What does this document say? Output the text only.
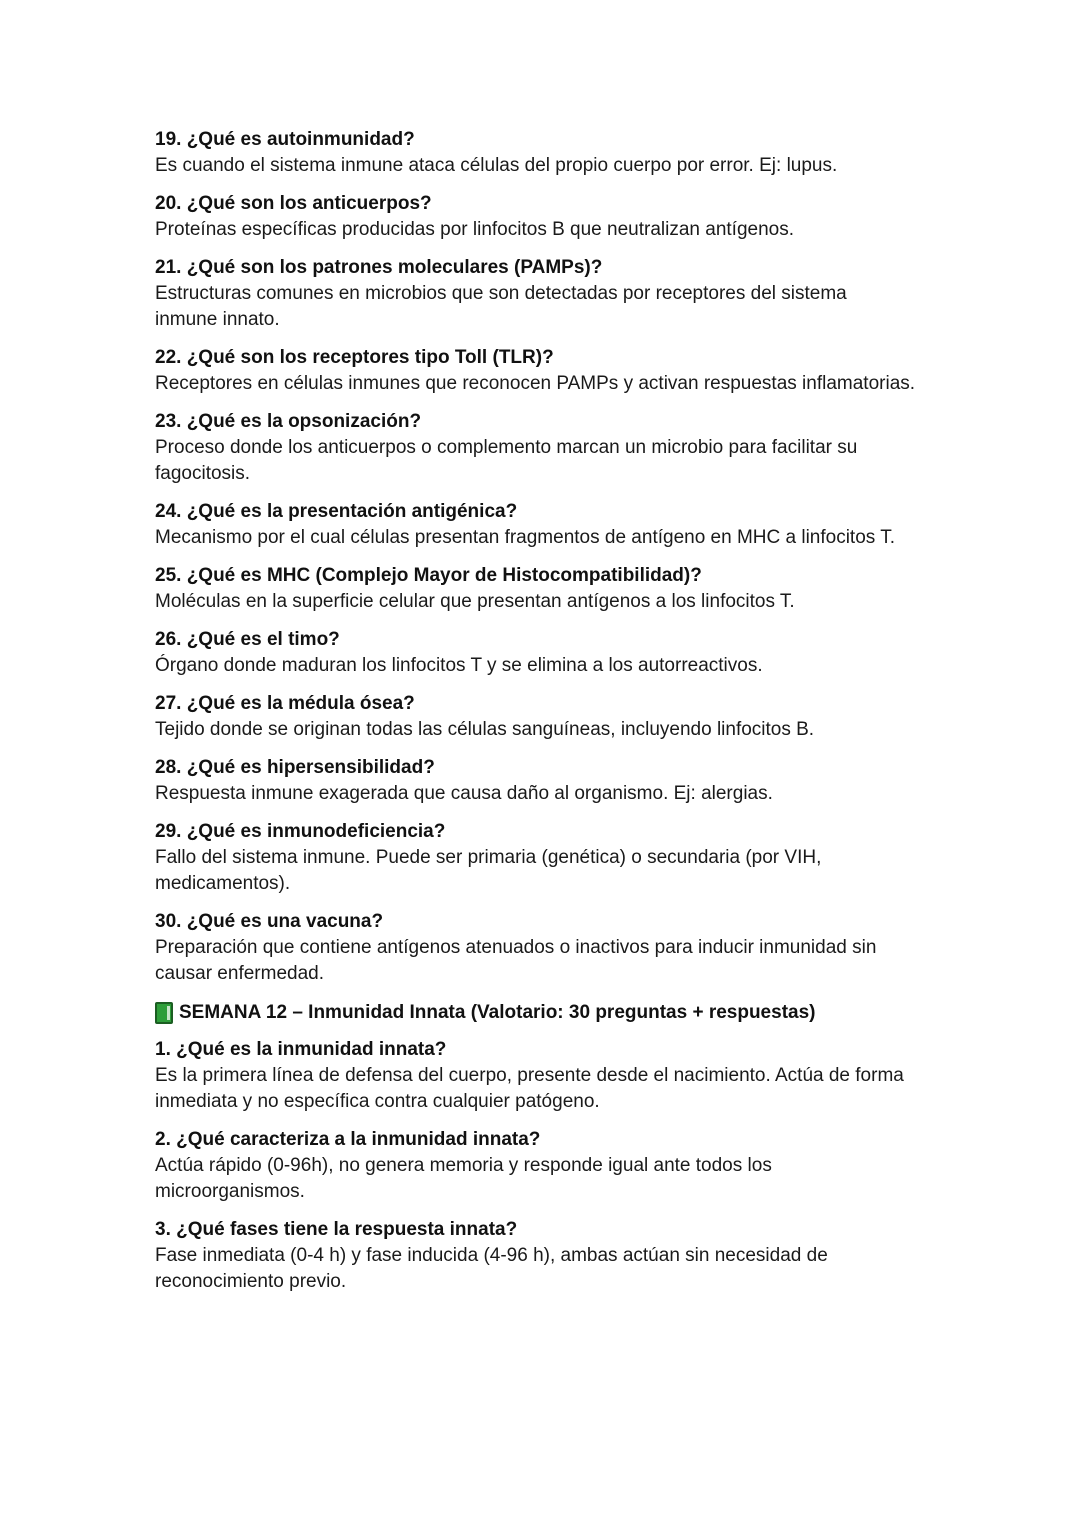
19. ¿Qué es autoinmunidad?
Es cuando el sistema inmune ataca células del propio cuerpo por error. Ej: lupus.
20. ¿Qué son los anticuerpos?
Proteínas específicas producidas por linfocitos B que neutralizan antígenos.
21. ¿Qué son los patrones moleculares (PAMPs)?
Estructuras comunes en microbios que son detectadas por receptores del sistema inmune innato.
22. ¿Qué son los receptores tipo Toll (TLR)?
Receptores en células inmunes que reconocen PAMPs y activan respuestas inflamatorias.
23. ¿Qué es la opsonización?
Proceso donde los anticuerpos o complemento marcan un microbio para facilitar su fagocitosis.
24. ¿Qué es la presentación antigénica?
Mecanismo por el cual células presentan fragmentos de antígeno en MHC a linfocitos T.
25. ¿Qué es MHC (Complejo Mayor de Histocompatibilidad)?
Moléculas en la superficie celular que presentan antígenos a los linfocitos T.
26. ¿Qué es el timo?
Órgano donde maduran los linfocitos T y se elimina a los autorreactivos.
27. ¿Qué es la médula ósea?
Tejido donde se originan todas las células sanguíneas, incluyendo linfocitos B.
28. ¿Qué es hipersensibilidad?
Respuesta inmune exagerada que causa daño al organismo. Ej: alergias.
29. ¿Qué es inmunodeficiencia?
Fallo del sistema inmune. Puede ser primaria (genética) o secundaria (por VIH, medicamentos).
30. ¿Qué es una vacuna?
Preparación que contiene antígenos atenuados o inactivos para inducir inmunidad sin causar enfermedad.
SEMANA 12 – Inmunidad Innata (Valotario: 30 preguntas + respuestas)
1. ¿Qué es la inmunidad innata?
Es la primera línea de defensa del cuerpo, presente desde el nacimiento. Actúa de forma inmediata y no específica contra cualquier patógeno.
2. ¿Qué caracteriza a la inmunidad innata?
Actúa rápido (0-96h), no genera memoria y responde igual ante todos los microorganismos.
3. ¿Qué fases tiene la respuesta innata?
Fase inmediata (0-4 h) y fase inducida (4-96 h), ambas actúan sin necesidad de reconocimiento previo.
